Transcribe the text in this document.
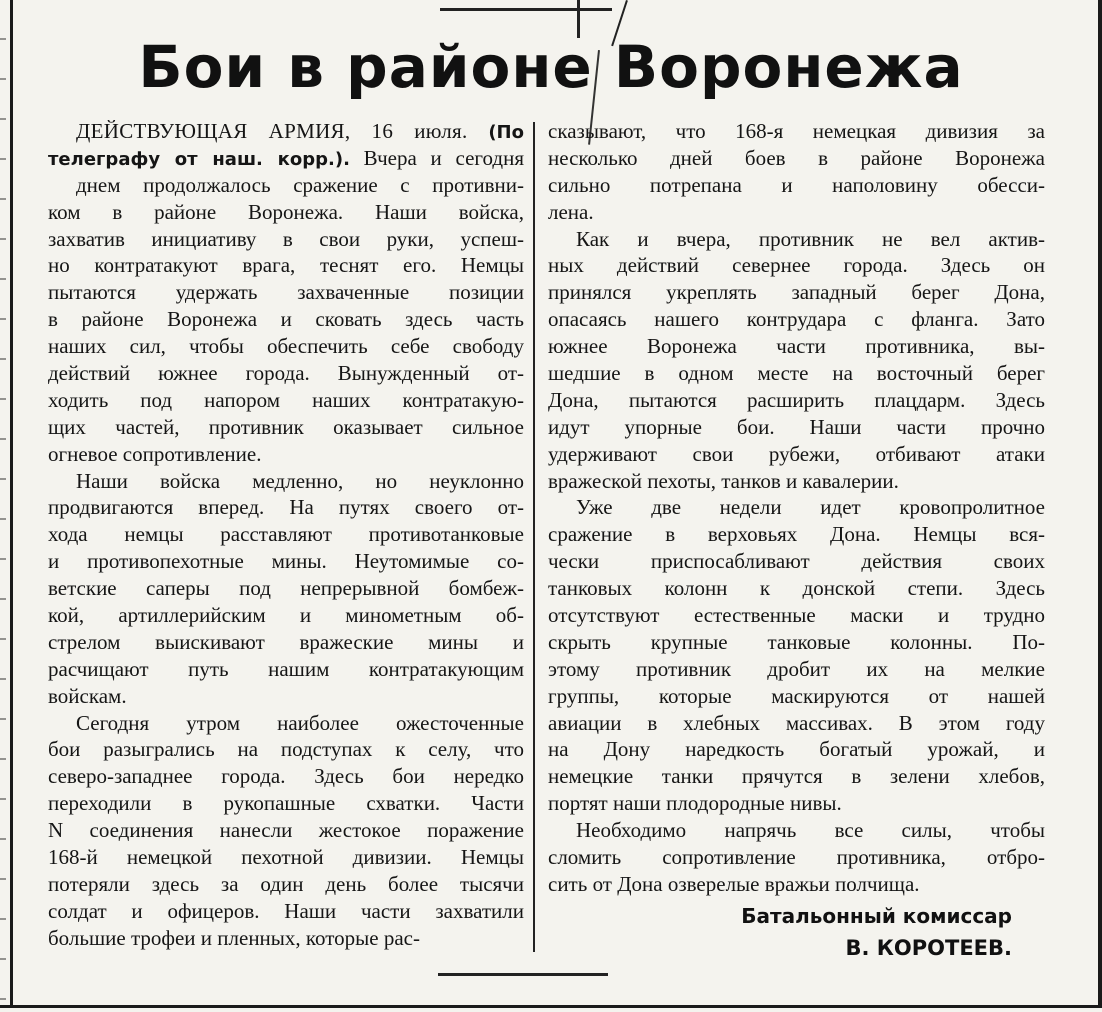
Бои в районе Воронежа
ДЕЙСТВУЮЩАЯ АРМИЯ, 16 июля. (По
телеграфу от наш. корр.). Вчера и сегодня
днем продолжалось сражение с противни-
ком в районе Воронежа. Наши войска,
захватив инициативу в свои руки, успеш-
но контратакуют врага, теснят его. Немцы
пытаются удержать захваченные позиции
в районе Воронежа и сковать здесь часть
наших сил, чтобы обеспечить себе свободу
действий южнее города. Вынужденный от-
ходить под напором наших контратакую-
щих частей, противник оказывает сильное
огневое сопротивление.
Наши войска медленно, но неуклонно
продвигаются вперед. На путях своего от-
хода немцы расставляют противотанковые
и противопехотные мины. Неутомимые со-
ветские саперы под непрерывной бомбеж-
кой, артиллерийским и минометным об-
стрелом выискивают вражеские мины и
расчищают путь нашим контратакующим
войскам.
Сегодня утром наиболее ожесточенные
бои разыгрались на подступах к селу, что
северо-западнее города. Здесь бои нередко
переходили в рукопашные схватки. Части
N соединения нанесли жестокое поражение
168-й немецкой пехотной дивизии. Немцы
потеряли здесь за один день более тысячи
солдат и офицеров. Наши части захватили
большие трофеи и пленных, которые рас-
сказывают, что 168-я немецкая дивизия за
несколько дней боев в районе Воронежа
сильно потрепана и наполовину обесси-
лена.
Как и вчера, противник не вел актив-
ных действий севернее города. Здесь он
принялся укреплять западный берег Дона,
опасаясь нашего контрудара с фланга. Зато
южнее Воронежа части противника, вы-
шедшие в одном месте на восточный берег
Дона, пытаются расширить плацдарм. Здесь
идут упорные бои. Наши части прочно
удерживают свои рубежи, отбивают атаки
вражеской пехоты, танков и кавалерии.
Уже две недели идет кровопролитное
сражение в верховьях Дона. Немцы вся-
чески приспосабливают действия своих
танковых колонн к донской степи. Здесь
отсутствуют естественные маски и трудно
скрыть крупные танковые колонны. По-
этому противник дробит их на мелкие
группы, которые маскируются от нашей
авиации в хлебных массивах. В этом году
на Дону наредкость богатый урожай, и
немецкие танки прячутся в зелени хлебов,
портят наши плодородные нивы.
Необходимо напрячь все силы, чтобы
сломить сопротивление противника, отбро-
сить от Дона озверелые вражьи полчища.
Батальонный комиссар
В. КОРОТЕЕВ.
